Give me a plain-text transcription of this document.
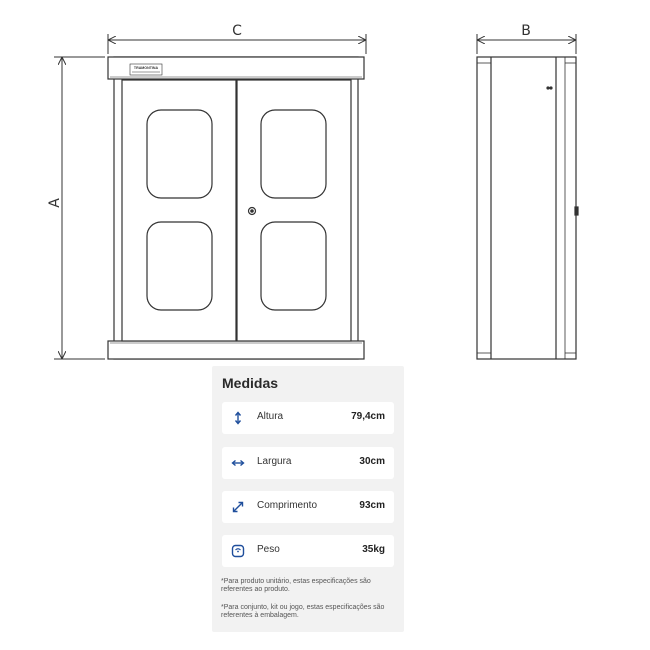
C
A
B
TRAMONTINA
Medidas
Altura	79,4cm
Largura	30cm
Comprimento	93cm
Peso	35kg
*Para produto unitário, estas especificações são referentes ao produto.
*Para conjunto, kit ou jogo, estas especificações são referentes à embalagem.
